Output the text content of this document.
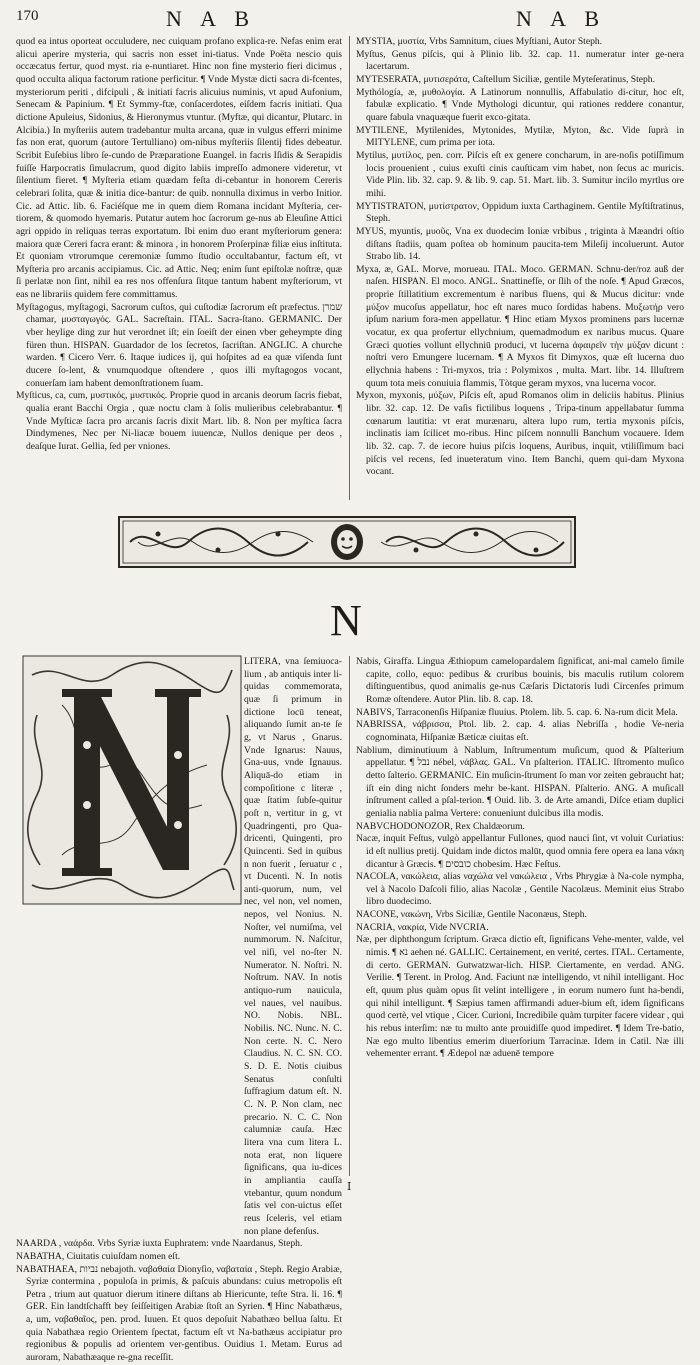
170	N A B	N A B

quod ea intus oporteat occuludere, nec cuiquam profano explica-re. Nefas enim erat alicui aperire mysteria, qui sacris non esset ini-tiatus. Vnde Poëta nescio quis occæcatus fertur, quod myst. ria e-nuntiaret. Hinc non fine mysterio fieri dicimus , quod occulta aliqua factorum ratione perficitur. ¶ Vnde Mystæ dicti sacra di-fcentes, mysteriorum periti , difcipuli , & initiati facris alicuius numinis, vt apud Aufonium, Senecam & Papinium. ¶ Et Symmy-ftæ, conſacerdotes, eiſdem facris initiati. Qua dictione Apuleius, Sidonius, & Hieronymus vtuntur. (Myftæ, qui dicantur, Plutarc. in Alcibia.) In myſteriis autem tradebantur multa arcana, quæ in vulgus efferri minime fas non erat, quorum (autore Tertulliano) om-nibus myſteriis ſilentij fides debeatur. Scribit Euſebius libro ſe-cundo de Præparatione Euangel. in facris Iſidis & Serapidis fuiſſe Harpocratis ſimulacrum, quod digito labiis impreſſo admonere videretur, vt ſilentium fieret. ¶ Myſteria etiam quædam feſta di-cebantur in honorem Cereris celebrari ſolita, quæ & initia dice-bantur: de quib. nonnulla diximus in verbo Initior. Cic. ad Attic. lib. 6. Faciéſque me in quem diem Romana incidant Myſteria, cer-tiorem, & quomodo hyemaris. Putatur autem hoc ſacrorum ge-nus ab Eleuſine Attici agri oppido in reliquas terras exportatum. Ibi enim duo erant myſteriorum genera: maiora quæ Cereri facra erant: & minora , in honorem Proſerpinæ filiæ eius inſtituta. Et quoniam vtrorumque ceremoniæ ſummo ſtudio occultabantur, factum eſt, vt Myſteria pro arcanis accipiamus. Cic. ad Attic. Neq; enim ſunt epiſtolæ noſtræ, quæ ſi perlatæ non ſint, nihil ea res nos offenſura ſitque tantum habent myſteriorum, vt eas ne librariis quidem fere committamus.

Myſtagogus, myſtagogi, Sacrorum cuſtos, qui cuſtodiæ ſacrorum eſt præfectus. שמרן chamar, μυσταγωγός. GAL. Sacreſtain. ITAL. Sacra-ſtano. GERMANIC. Der vber heylige ding zur hut verordnet iſt; ein ſoeiſt der einen vber geheympte ding füren thun. HISPAN. Guardador de los ſecretos, ſacriſtan. ANGLIC. A churche warden. ¶ Cicero Verr. 6. Itaque iudices ij, qui hoſpites ad ea quæ viſenda ſunt ducere ſo-lent, & vnumquodque oſtendere , quos illi myſtagogos vocant, conuerſam iam habent demonſtrationem ſuam.

Myſticus, ca, cum, μυστικός, μυστικός. Proprie quod in arcanis deorum ſacris fiebat, qualia erant Bacchi Orgia , quæ noctu clam à ſolis mulieribus celebrabantur. ¶ Vnde Myſticæ ſacra pro arcanis ſacris dixit Mart. lib. 8. Non per myſtica ſacra Dindymenes, Nec per Ni-liacæ bouem iuuencæ, Nullos denique per deos , deaſque Iurat. Gellia, ſed per vniones.

MYSTIA, μυστία, Vrbs Samnitum, ciues Myſtiani, Autor Steph.

Myſtus, Genus piſcis, qui à Plinio lib. 32. cap. 11. numeratur inter ge-nera lacertarum.

MYTESERATA, μυτισεράτα, Caſtellum Siciliæ, gentile Myteſeratinus, Steph.

Mythólogía, æ, μυθολογία. A Latinorum nonnullis, Affabulatio di-citur, hoc eſt, fabulæ explicatio. ¶ Vnde Mythologi dicuntur, qui rationes reddere conantur, quare fabula vnaquæque fuerit exco-gitata.

MYTILENE, Mytilenides, Mytonides, Mytilæ, Myton, &c. Vide ſuprà in MITYLENE, cum prima per iota.

Mytilus, μυτίλος, pen. corr. Piſcis eſt ex genere concharum, in are-noſis potiſſimum locis prouenient , cuius exuſti cinis cauſticam vim habet, non ſecus ac muricis. Vide Plin. lib. 32. cap. 9. & lib. 9. cap. 51. Mart. lib. 3. Sumitur incilo myrtlus ore mihi.

MYTISTRATON, μυτίστρατον, Oppidum iuxta Carthaginem. Gentile Myſtiſtratinus, Steph.

MYUS, myuntis, μυοῦς, Vna ex duodecim Ioniæ vrbibus , triginta à Mæandri oſtio diſtans ſtadiis, quam poſtea ob hominum paucita-tem Mileſij incoluerunt. Autor Strabo lib. 14.

Myxa, æ, GAL. Morve, morueau. ITAL. Moco. GERMAN. Schnu-der/roz auß der naſen. HISPAN. El moco. ANGL. Snattinefſe, or ſlih of the noſe. ¶ Apud Græcos, proprie ſtillatitium excrementum è naribus fluens, qui & Mucus dicitur: vnde μύξον mucoſus appellatur, hoc eſt nares muco ſordidas habens. Μυξωτήρ vero ipſum narium fora-men appellatur. ¶ Hinc etiam Myxos prominens pars lucernæ vocatur, ex qua profertur ellychnium, quemadmodum ex naribus mucus. Quare Græci quoties vollunt ellychniū produci, vt lucerna ἀφαιρεῖν τὴν μύξαν dicunt : noſtri vero Emungere lucernam. ¶ A Myxos fit Dimyxos, quæ eſt lucerna duo ellychnia habens : Tri-myxos, tria : Polymixos , multa. Mart. libr. 14. Illuſtrem quum tota meis conuiuia flammis, Tòtque geram myxos, vna lucerna vocor.

Myxon, myxonis, μύξων, Piſcis eſt, apud Romanos olim in deliciis habitus. Plinius libr. 32. cap. 12. De vaſis fictilibus loquens , Tripa-tinum appellabatur ſumma cœnarum lautitia: vt erat murænaru, altera lupo rum, tertia myxonis piſcis, inclinatis iam ſcilicet mo-ribus. Hinc piſcem nonnulli Banchum vocauere. Idem lib. 32. cap. 7. de iecore huius piſcis loquens, Auribus, inquit, vtiliſſimum baci piſcis vel recens, ſed inueteratum vino. Item Banchi, quem qui-dam Myxona vocant.

N

LITERA, vna ſemiuoca-lium , ab antiquis inter li-quidas commemorata, quæ ſi primum in dictione locū teneat, aliquando ſumit an-te ſe g, vt Narus , Gnarus. Vnde Ignarus: Nauus, Gna-uus, vnde Ignauus. Aliquā-do etiam in compoſitione c literæ , quæ ſtatim ſubſe-quitur poſt n, vertitur in g, vt Quadringenti, pro Qua-dricenti, Quingenti, pro Quincenti. Sed in quibus n non fuerit , ſeruatur c , vt Ducenti. N. In notis anti-quorum, num, vel nec, vel non, vel nomen, nepos, vel Nonius. N. Noſter, vel numiſma, vel nummorum. N. Naſcitur, vel niſi, vel no-ſter N. Numerator. N. Noſtri. N. Noſtrum. NAV. In notis antiquo-rum nauicula, vel naues, vel nauibus. NO. Nobis. NBL. Nobilis. NC. Nunc. N. C. Non certe. N. C. Nero Claudius. N. C. SN. CO. S. D. E. Notis ciuibus Senatus conſulti ſuffragium datum eſt. N. C. N. P. Non clam, nec precario. N. C. C. Non calumniæ cauſa. Hæc litera vna cum litera L. nota erat, non liquere ſignificans, qua iu-dices in ampliantia cauſſa vtebantur, quum nondum ſatis vel con-uictus eſſet reus ſceleris, vel etiam non plane defenſus.

NAARDA , ναάρδα. Vrbs Syriæ iuxta Euphratem: vnde Naardanus, Steph.

NABATHA, Ciuitatis cuiuſdam nomen eſt.

NABATHAEA, נביות nebajoth. ναβαθαία Dionyſio, ναβαταία , Steph. Regio Arabiæ, Syriæ contermina , populoſa in primis, & paſcuis abundans: cuius metropolis eſt Petra , trium aut quatuor dierum itinere diſtans ab Hiericunte, teſte Stra. li. 16. ¶ GER. Ein landtſchafft bey ſeiſſeitigen Arabiæ ſtoſt an Syrien. ¶ Hinc Nabathæus, a, um, ναβαθαῖος, pen. prod. Iuuen. Et quos depoſuit Nabathæo bellua ſaltu. Et quia Nabathæa regio Orientem ſpectat, factum eſt vt Na-bathæus accipiatur pro regionibus & populis ad orientem ver-gentibus. Ouidius 1. Metam. Eurus ad auroram, Nabathæaque re-gna receſſit.

Nabis, Giraffa. Lingua Æthiopum camelopardalem ſignificat, ani-mal camelo ſimile capite, collo, equo: pedibus & cruribus bouinis, bis maculis rutilum colorem diſtinguentibus, quod animalis ge-nus Cæſaris Dictatoris ludi Circenſes primum Romæ oſtendere. Autor Plin. lib. 8. cap. 18.

NABIVS, Tarraconenſis Hiſpaniæ fluuius. Ptolem. lib. 5. cap. 6. Na-rum dicit Mela.

NABRISSA, νάβρισσα, Ptol. lib. 2. cap. 4. alias Nebriſſa , hodie Ve-neria cognominata, Hiſpaniæ Bæticæ ciuitas eſt.

Nablium, diminutiuum à Nablum, Inſtrumentum muſicum, quod & Pſalterium appellatur. ¶ נבל nébel, νάβλας. GAL. Vn pſalterion. ITALIC. Iſtromento muſico detto ſalterio. GERMANIC. Ein muſicin-ſtrument ſo man vor zeiten gebraucht hat; iſt ein ding nicht ſonders mehr be-kant. HISPAN. Pſalterio. ANG. A muſicall inſtrument called a pſal-terion. ¶ Ouid. lib. 3. de Arte amandi, Diſce etiam duplici genialia nablia palma Vertere: conueniunt dulcibus illa modis.

NABVCHODONOZOR, Rex Chaldæorum.

Nacæ, inquit Feſtus, vulgò appellantur Fullones, quod nauci ſint, vt voluit Curiatius: id eſt nullius pretij. Quidam inde dictos malūt, quod omnia fere opera ea lana νάκη dicantur à Græcis. ¶ כובסים chobesim. Hæc Feſtus.

NACOLA, νακώλεια, alias ναχώλα vel νακώλεια , Vrbs Phrygiæ à Na-cole nympha, vel à Nacolo Daſcoli filio, alias Nacolæ , Gentile Nacolæus. Meminit eius Strabo libro duodecimo.

NACONE, νακώνη, Vrbs Siciliæ, Gentile Naconæus, Steph.

NACRIA, νακρία, Vide NVCRIA.

Næ, per diphthongum ſcriptum. Græca dictio eſt, ſignificans Vehe-menter, valde, vel nimis. ¶ נא aehen né. GALLIC. Certainement, en verité, certes. ITAL. Certamente, di certo. GERMAN. Gutwatzwar-lich. HISP. Ciertamente, en verdad. ANG. Verilie. ¶ Terent. in Prolog. And. Faciunt næ intelligendo, vt nihil intelligant. Hoc eſt, quum plus quàm opus ſit velint intelligere , in eorum numero ſunt ha-bendi, qui nihil intelligunt. ¶ Sæpius tamen affirmandi aduer-bium eſt, idem ſignificans quod certè, vel vtique , Cicer. Curioni, Incredibile quàm turpiter facere videar , qui his rebus interſim: næ tu multo ante prouidiſſe quod impediret. ¶ Idem Tre-batio, Næ ego multo libentius emerim diuerſorium Tarracinæ. Idem in Catil. Næ illi vehementer errant. ¶ Ædepol næ aduenē tempore

I
